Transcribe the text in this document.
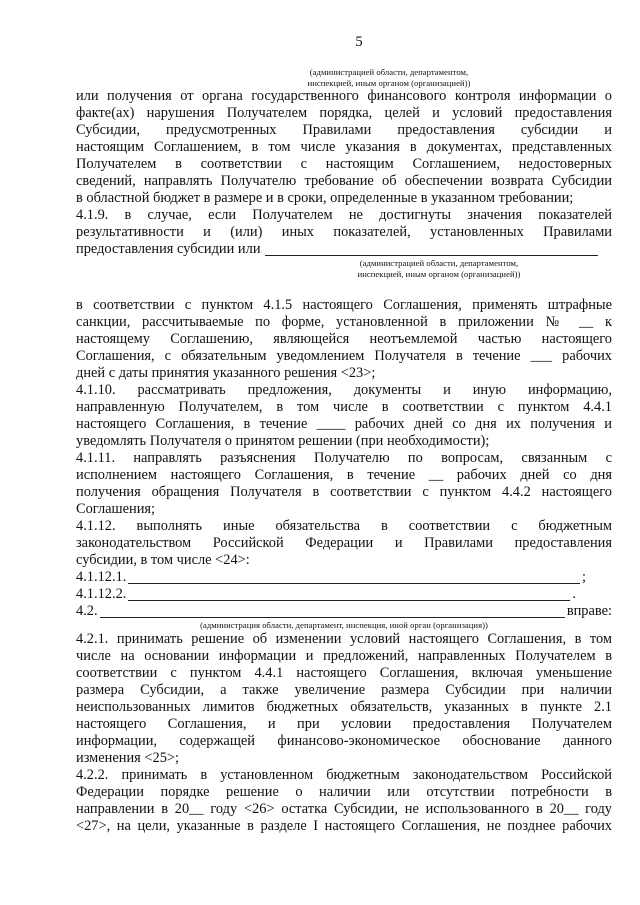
5
(администрацией области, департаментом,
инспекцией, иным органом (организацией))
или получения от органа государственного финансового контроля информации о
факте(ах) нарушения Получателем порядка, целей и условий предоставления
Субсидии, предусмотренных Правилами предоставления субсидии и
настоящим Соглашением, в том числе указания в документах, представленных
Получателем в соответствии с настоящим Соглашением, недостоверных
сведений, направлять Получателю требование об обеспечении возврата Субсидии
в областной бюджет в размере и в сроки, определенные в указанном требовании;
4.1.9. в случае, если Получателем не достигнуты значения показателей
результативности и (или) иных показателей, установленных Правилами
предоставления субсидии или
(администрацией области, департаментом,
инспекцией, иным органом (организацией))
в соответствии с пунктом 4.1.5 настоящего Соглашения, применять штрафные
санкции, рассчитываемые по форме, установленной в приложении № __ к
настоящему Соглашению, являющейся неотъемлемой частью настоящего
Соглашения, с обязательным уведомлением Получателя в течение ___ рабочих
дней с даты принятия указанного решения <23>;
4.1.10. рассматривать предложения, документы и иную информацию,
направленную Получателем, в том числе в соответствии с пунктом 4.4.1
настоящего Соглашения, в течение ____ рабочих дней со дня их получения и
уведомлять Получателя о принятом решении (при необходимости);
4.1.11. направлять разъяснения Получателю по вопросам, связанным с
исполнением настоящего Соглашения, в течение __ рабочих дней со дня
получения обращения Получателя в соответствии с пунктом 4.4.2 настоящего
Соглашения;
4.1.12. выполнять иные обязательства в соответствии с бюджетным
законодательством Российской Федерации и Правилами предоставления
субсидии, в том числе <24>:
4.1.12.1.	;
4.1.12.2.	.
4.2.	вправе:
(администрация области, департамент, инспекция, иной орган (организация))
4.2.1. принимать решение об изменении условий настоящего Соглашения, в том
числе на основании информации и предложений, направленных Получателем в
соответствии с пунктом 4.4.1 настоящего Соглашения, включая уменьшение
размера Субсидии, а также увеличение размера Субсидии при наличии
неиспользованных лимитов бюджетных обязательств, указанных в пункте 2.1
настоящего Соглашения, и при условии предоставления Получателем
информации, содержащей финансово-экономическое обоснование данного
изменения <25>;
4.2.2. принимать в установленном бюджетным законодательством Российской
Федерации порядке решение о наличии или отсутствии потребности в
направлении в 20__ году <26> остатка Субсидии, не использованного в 20__ году
<27>, на цели, указанные в разделе I настоящего Соглашения, не позднее рабочих
